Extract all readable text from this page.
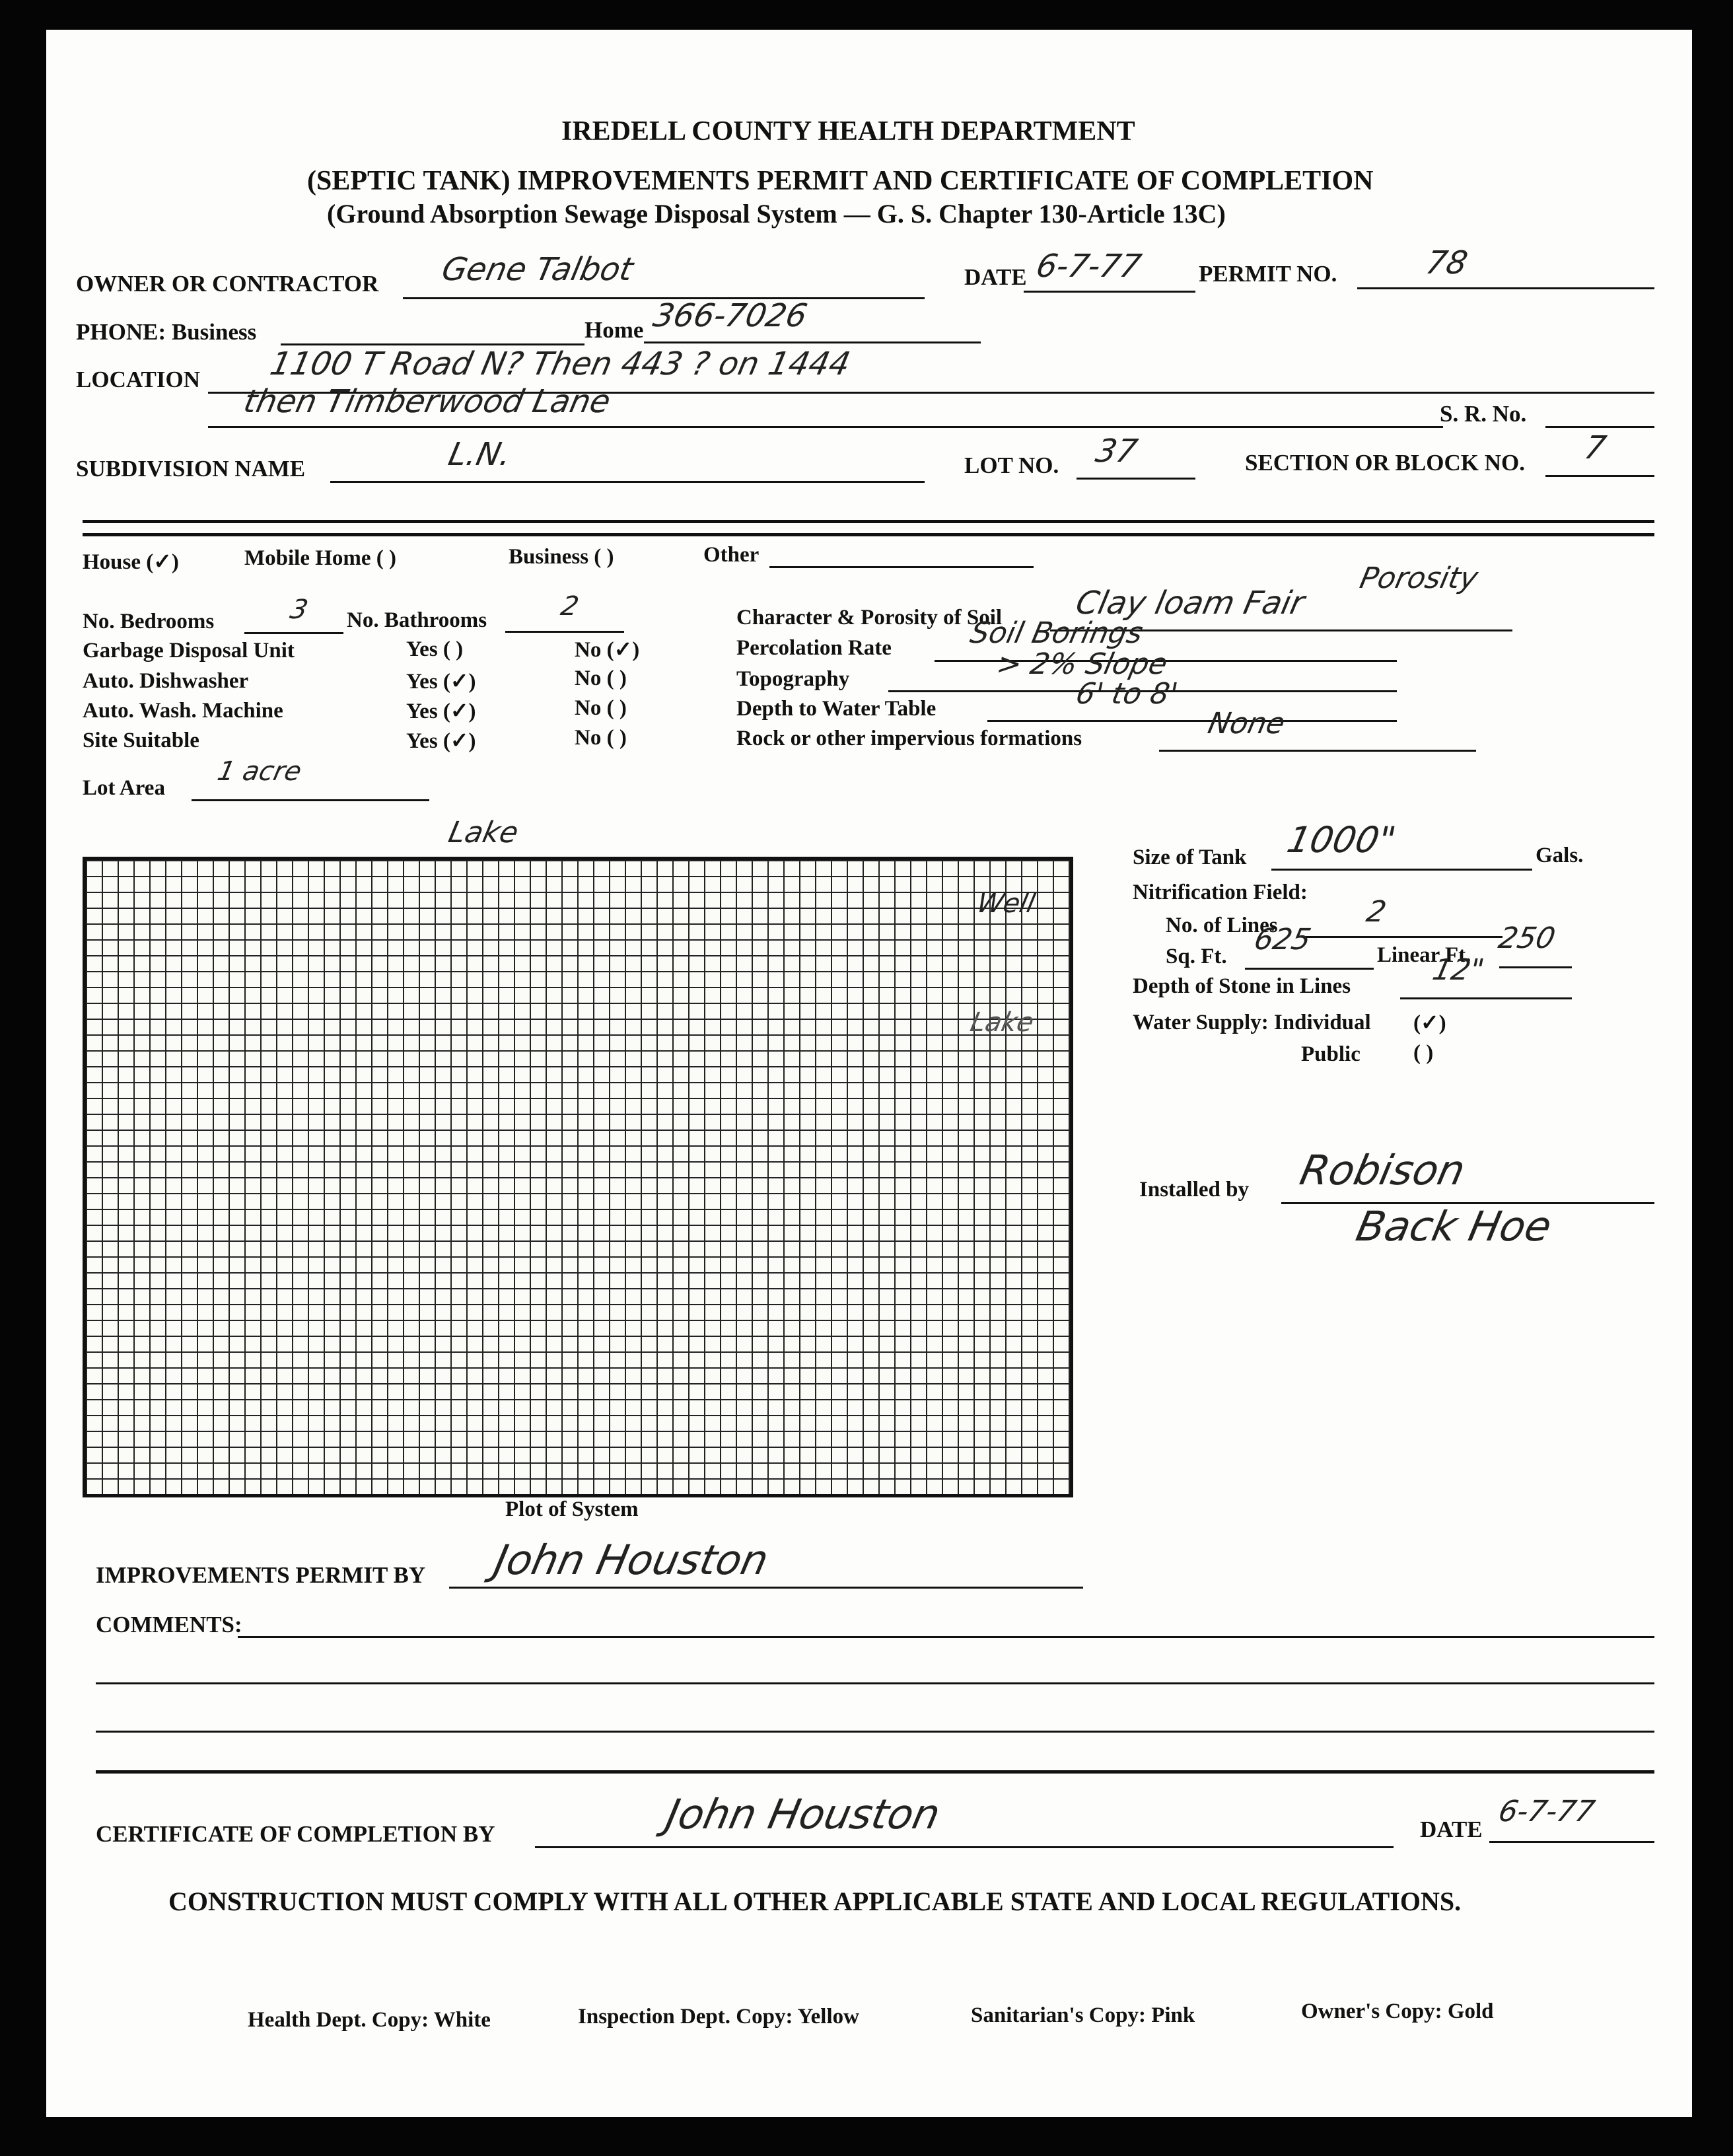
IREDELL COUNTY HEALTH DEPARTMENT
(SEPTIC TANK) IMPROVEMENTS PERMIT AND CERTIFICATE OF COMPLETION
(Ground Absorption Sewage Disposal System — G. S. Chapter 130-Article 13C)
OWNER OR CONTRACTOR Gene Talbot	DATE 6-7-77 PERMIT NO.	78
PHONE: Business	Home 366-7026
LOCATION 1100 T Road N? Then 443 ? on 1444
then Timberwood Lane	S. R. No.
SUBDIVISION NAME	L.N.	LOT NO. 37	SECTION OR BLOCK NO. 7
House (✓)	Mobile Home ( )	Business ( )	Other
No. Bedrooms	3 No. Bathrooms	2
Garbage Disposal Unit	Yes ( )	No (✓)
Auto. Dishwasher	Yes (✓)	No ( )
Auto. Wash. Machine	Yes (✓)	No ( )
Site Suitable	Yes (✓)	No ( )
Lot Area
1 acre
Porosity
Character & Porosity of Soil Clay loam Fair
Percolation Rate	Soil Borings
Topography	> 2% Slope
Depth to Water Table	6' to 8'
Rock or other impervious formations	None
Lake
Well
Lake
Plot of System
Size of Tank 1000"	Gals.
Nitrification Field:
No. of Lines	2
Sq. Ft. 625	Linear Ft. 250
Depth of Stone in Lines	12"
Water Supply: Individual (✓)
Public ( )
Installed by Robison
Back Hoe
IMPROVEMENTS PERMIT BY John Houston
COMMENTS:
CERTIFICATE OF COMPLETION BY	John Houston	DATE
6-7-77
CONSTRUCTION MUST COMPLY WITH ALL OTHER APPLICABLE STATE AND LOCAL REGULATIONS.
Health Dept. Copy: White	Inspection Dept. Copy: Yellow	Sanitarian's Copy: Pink	Owner's Copy: Gold
